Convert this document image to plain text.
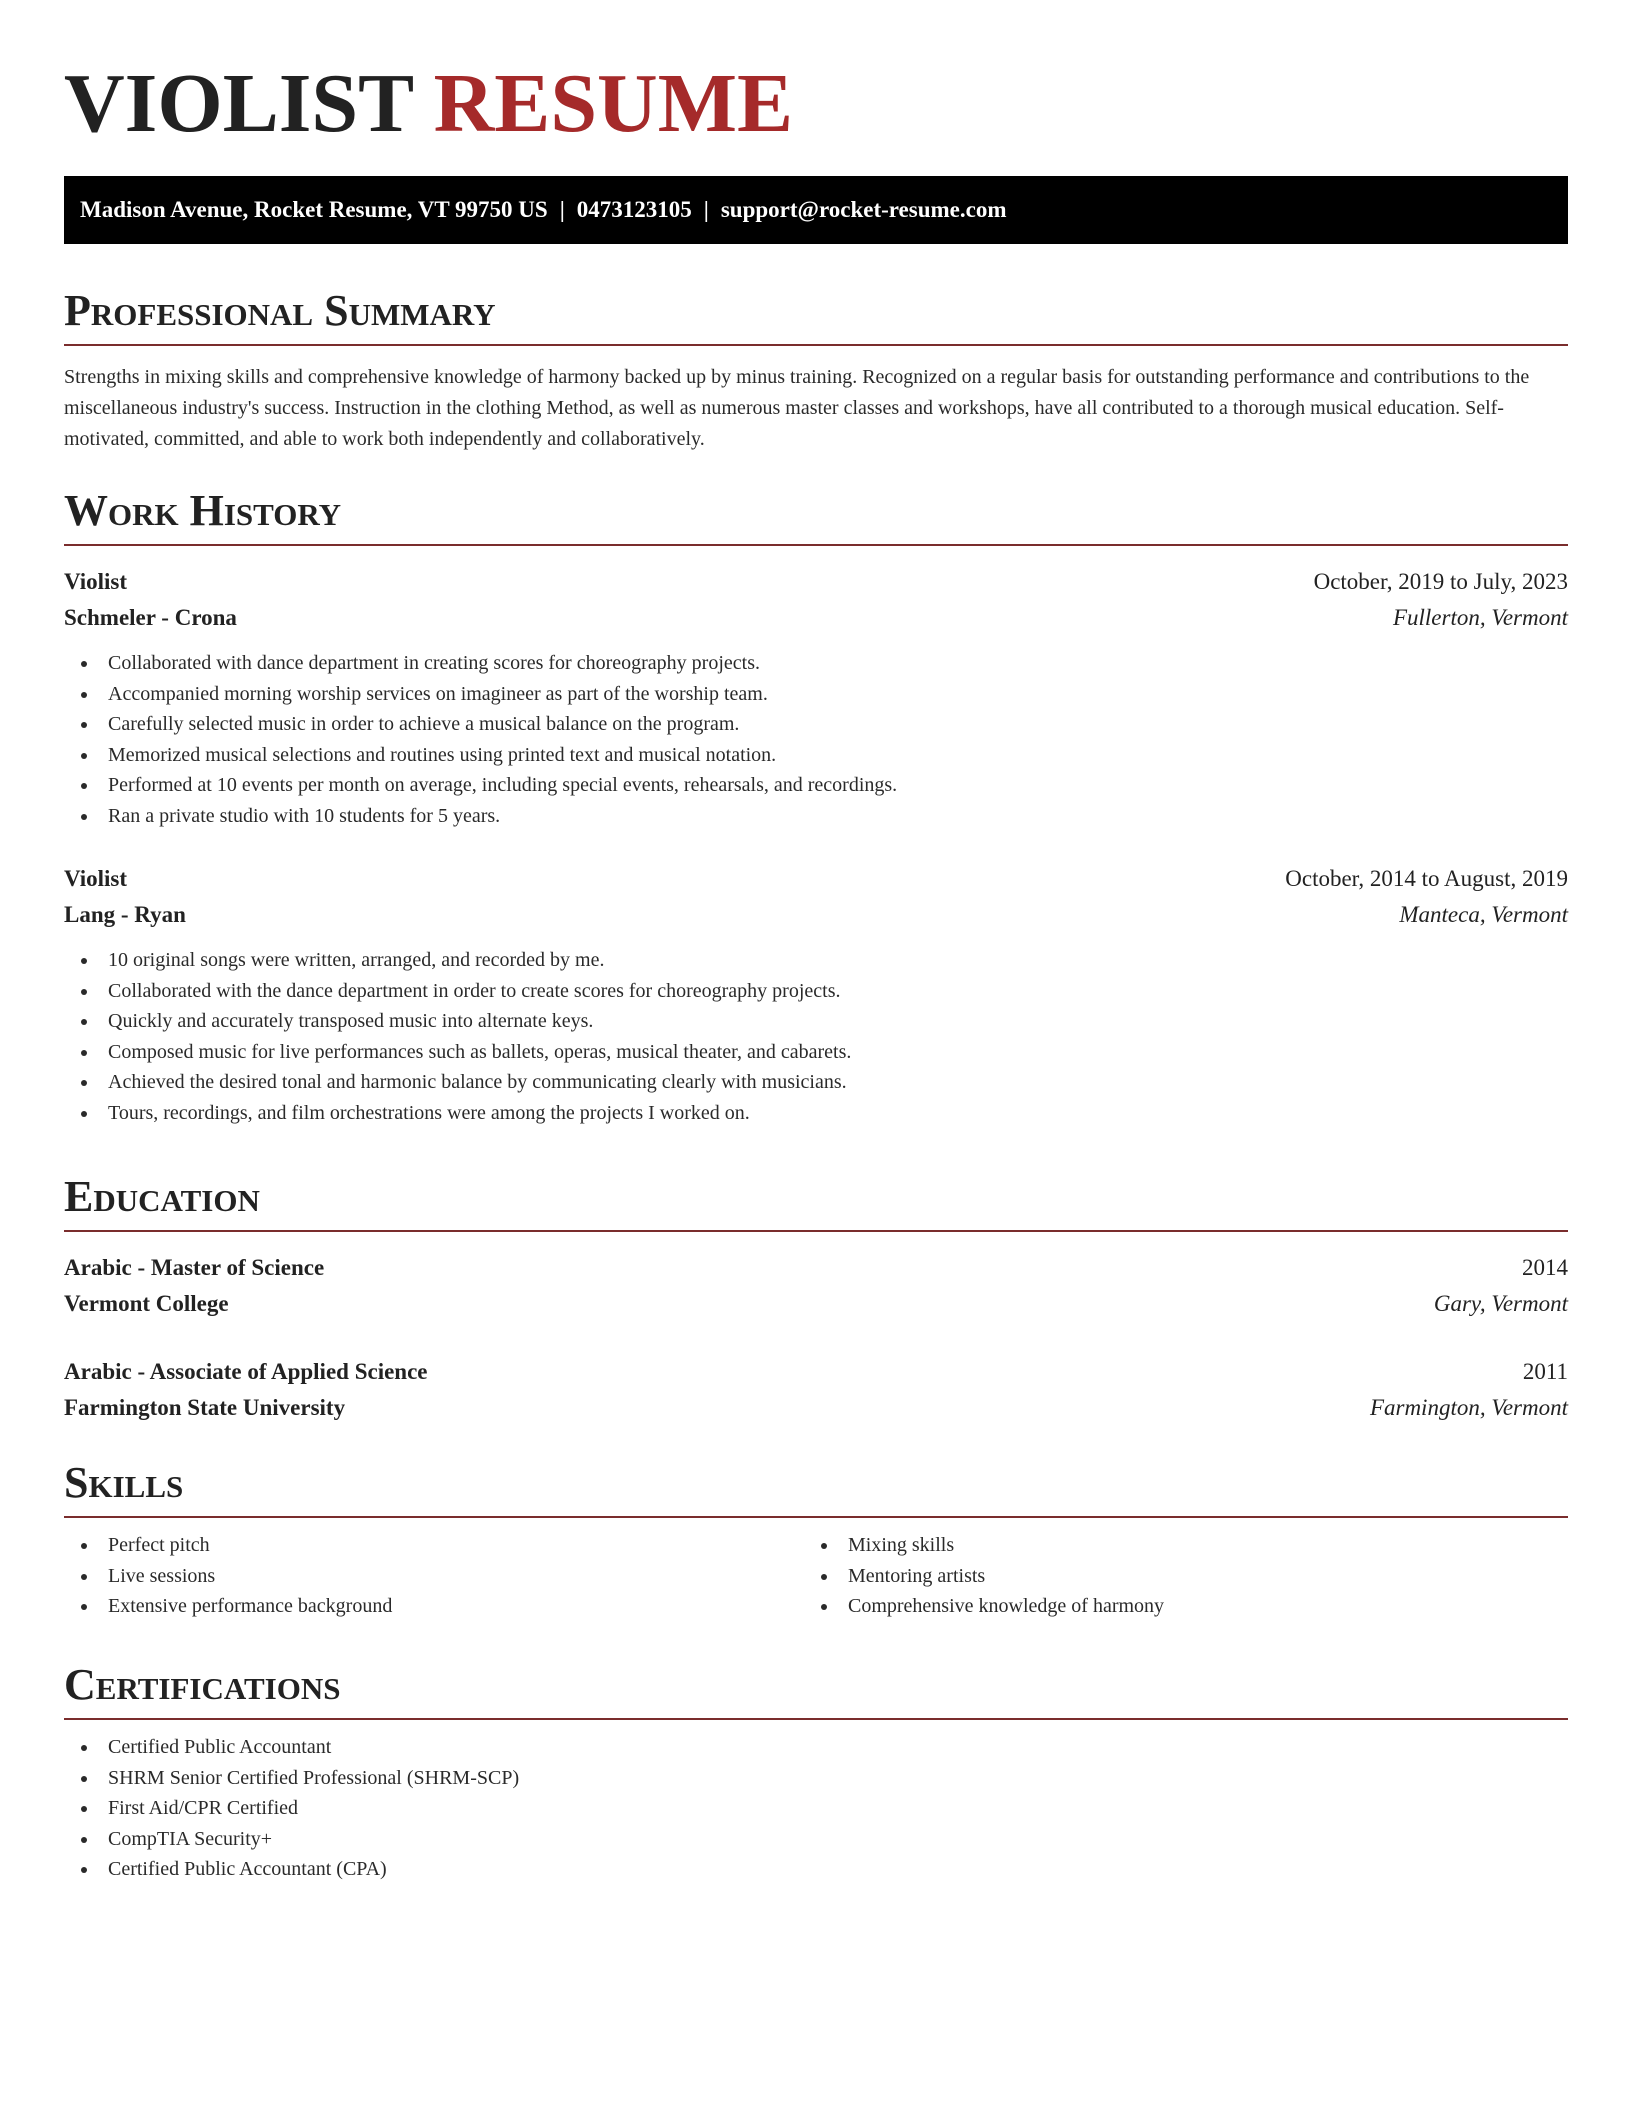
VIOLIST RESUME
Madison Avenue, Rocket Resume, VT 99750 US | 0473123105 | support@rocket-resume.com
Professional Summary

Strengths in mixing skills and comprehensive knowledge of harmony backed up by minus training. Recognized on a regular basis for outstanding performance and contributions to the miscellaneous industry's success. Instruction in the clothing Method, as well as numerous master classes and workshops, have all contributed to a thorough musical education. Self-motivated, committed, and able to work both independently and collaboratively.

Work History
Violist	October, 2019 to July, 2023
Schmeler - Crona	Fullerton, Vermont
Collaborated with dance department in creating scores for choreography projects.
Accompanied morning worship services on imagineer as part of the worship team.
Carefully selected music in order to achieve a musical balance on the program.
Memorized musical selections and routines using printed text and musical notation.
Performed at 10 events per month on average, including special events, rehearsals, and recordings.
Ran a private studio with 10 students for 5 years.
Violist	October, 2014 to August, 2019
Lang - Ryan	Manteca, Vermont
10 original songs were written, arranged, and recorded by me.
Collaborated with the dance department in order to create scores for choreography projects.
Quickly and accurately transposed music into alternate keys.
Composed music for live performances such as ballets, operas, musical theater, and cabarets.
Achieved the desired tonal and harmonic balance by communicating clearly with musicians.
Tours, recordings, and film orchestrations were among the projects I worked on.
Education
Arabic - Master of Science	2014
Vermont College	Gary, Vermont
Arabic - Associate of Applied Science	2011
Farmington State University	Farmington, Vermont
Skills
Perfect pitch
Live sessions
Extensive performance background
Mixing skills
Mentoring artists
Comprehensive knowledge of harmony
Certifications
Certified Public Accountant
SHRM Senior Certified Professional (SHRM-SCP)
First Aid/CPR Certified
CompTIA Security+
Certified Public Accountant (CPA)
